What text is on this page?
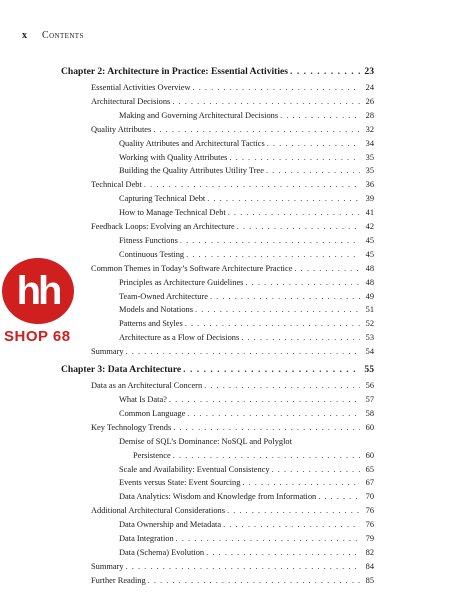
x Contents
Chapter 2: Architecture in Practice: Essential Activities . . .	23
Essential Activities Overview . . .	24
Architectural Decisions . . .	26
Making and Governing Architectural Decisions . . .	28
Quality Attributes . . .	32
Quality Attributes and Architectural Tactics . . .	34
Working with Quality Attributes . . .	35
Building the Quality Attributes Utility Tree . . .	35
Technical Debt . . .	36
Capturing Technical Debt . . .	39
How to Manage Technical Debt . . .	41
Feedback Loops: Evolving an Architecture . . .	42
Fitness Functions . . .	45
Continuous Testing . . .	45
Common Themes in Today’s Software Architecture Practice . . .	48
Principles as Architecture Guidelines . . .	48
Team-Owned Architecture . . .	49
Models and Notations . . .	51
Patterns and Styles . . .	52
Architecture as a Flow of Decisions . . .	53
Summary . . .	54
Chapter 3: Data Architecture . . .	55
Data as an Architectural Concern . . .	56
What Is Data? . . .	57
Common Language . . .	58
Key Technology Trends . . .	60
Demise of SQL’s Dominance: NoSQL and Polyglot
Persistence . . .	60
Scale and Availability: Eventual Consistency . . .	65
Events versus State: Event Sourcing . . .	67
Data Analytics: Wisdom and Knowledge from Information . . .	70
Additional Architectural Considerations . . .	76
Data Ownership and Metadata . . .	76
Data Integration . . .	79
Data (Schema) Evolution . . .	82
Summary . . .	84
Further Reading . . .	85
hh
SHOP 68
